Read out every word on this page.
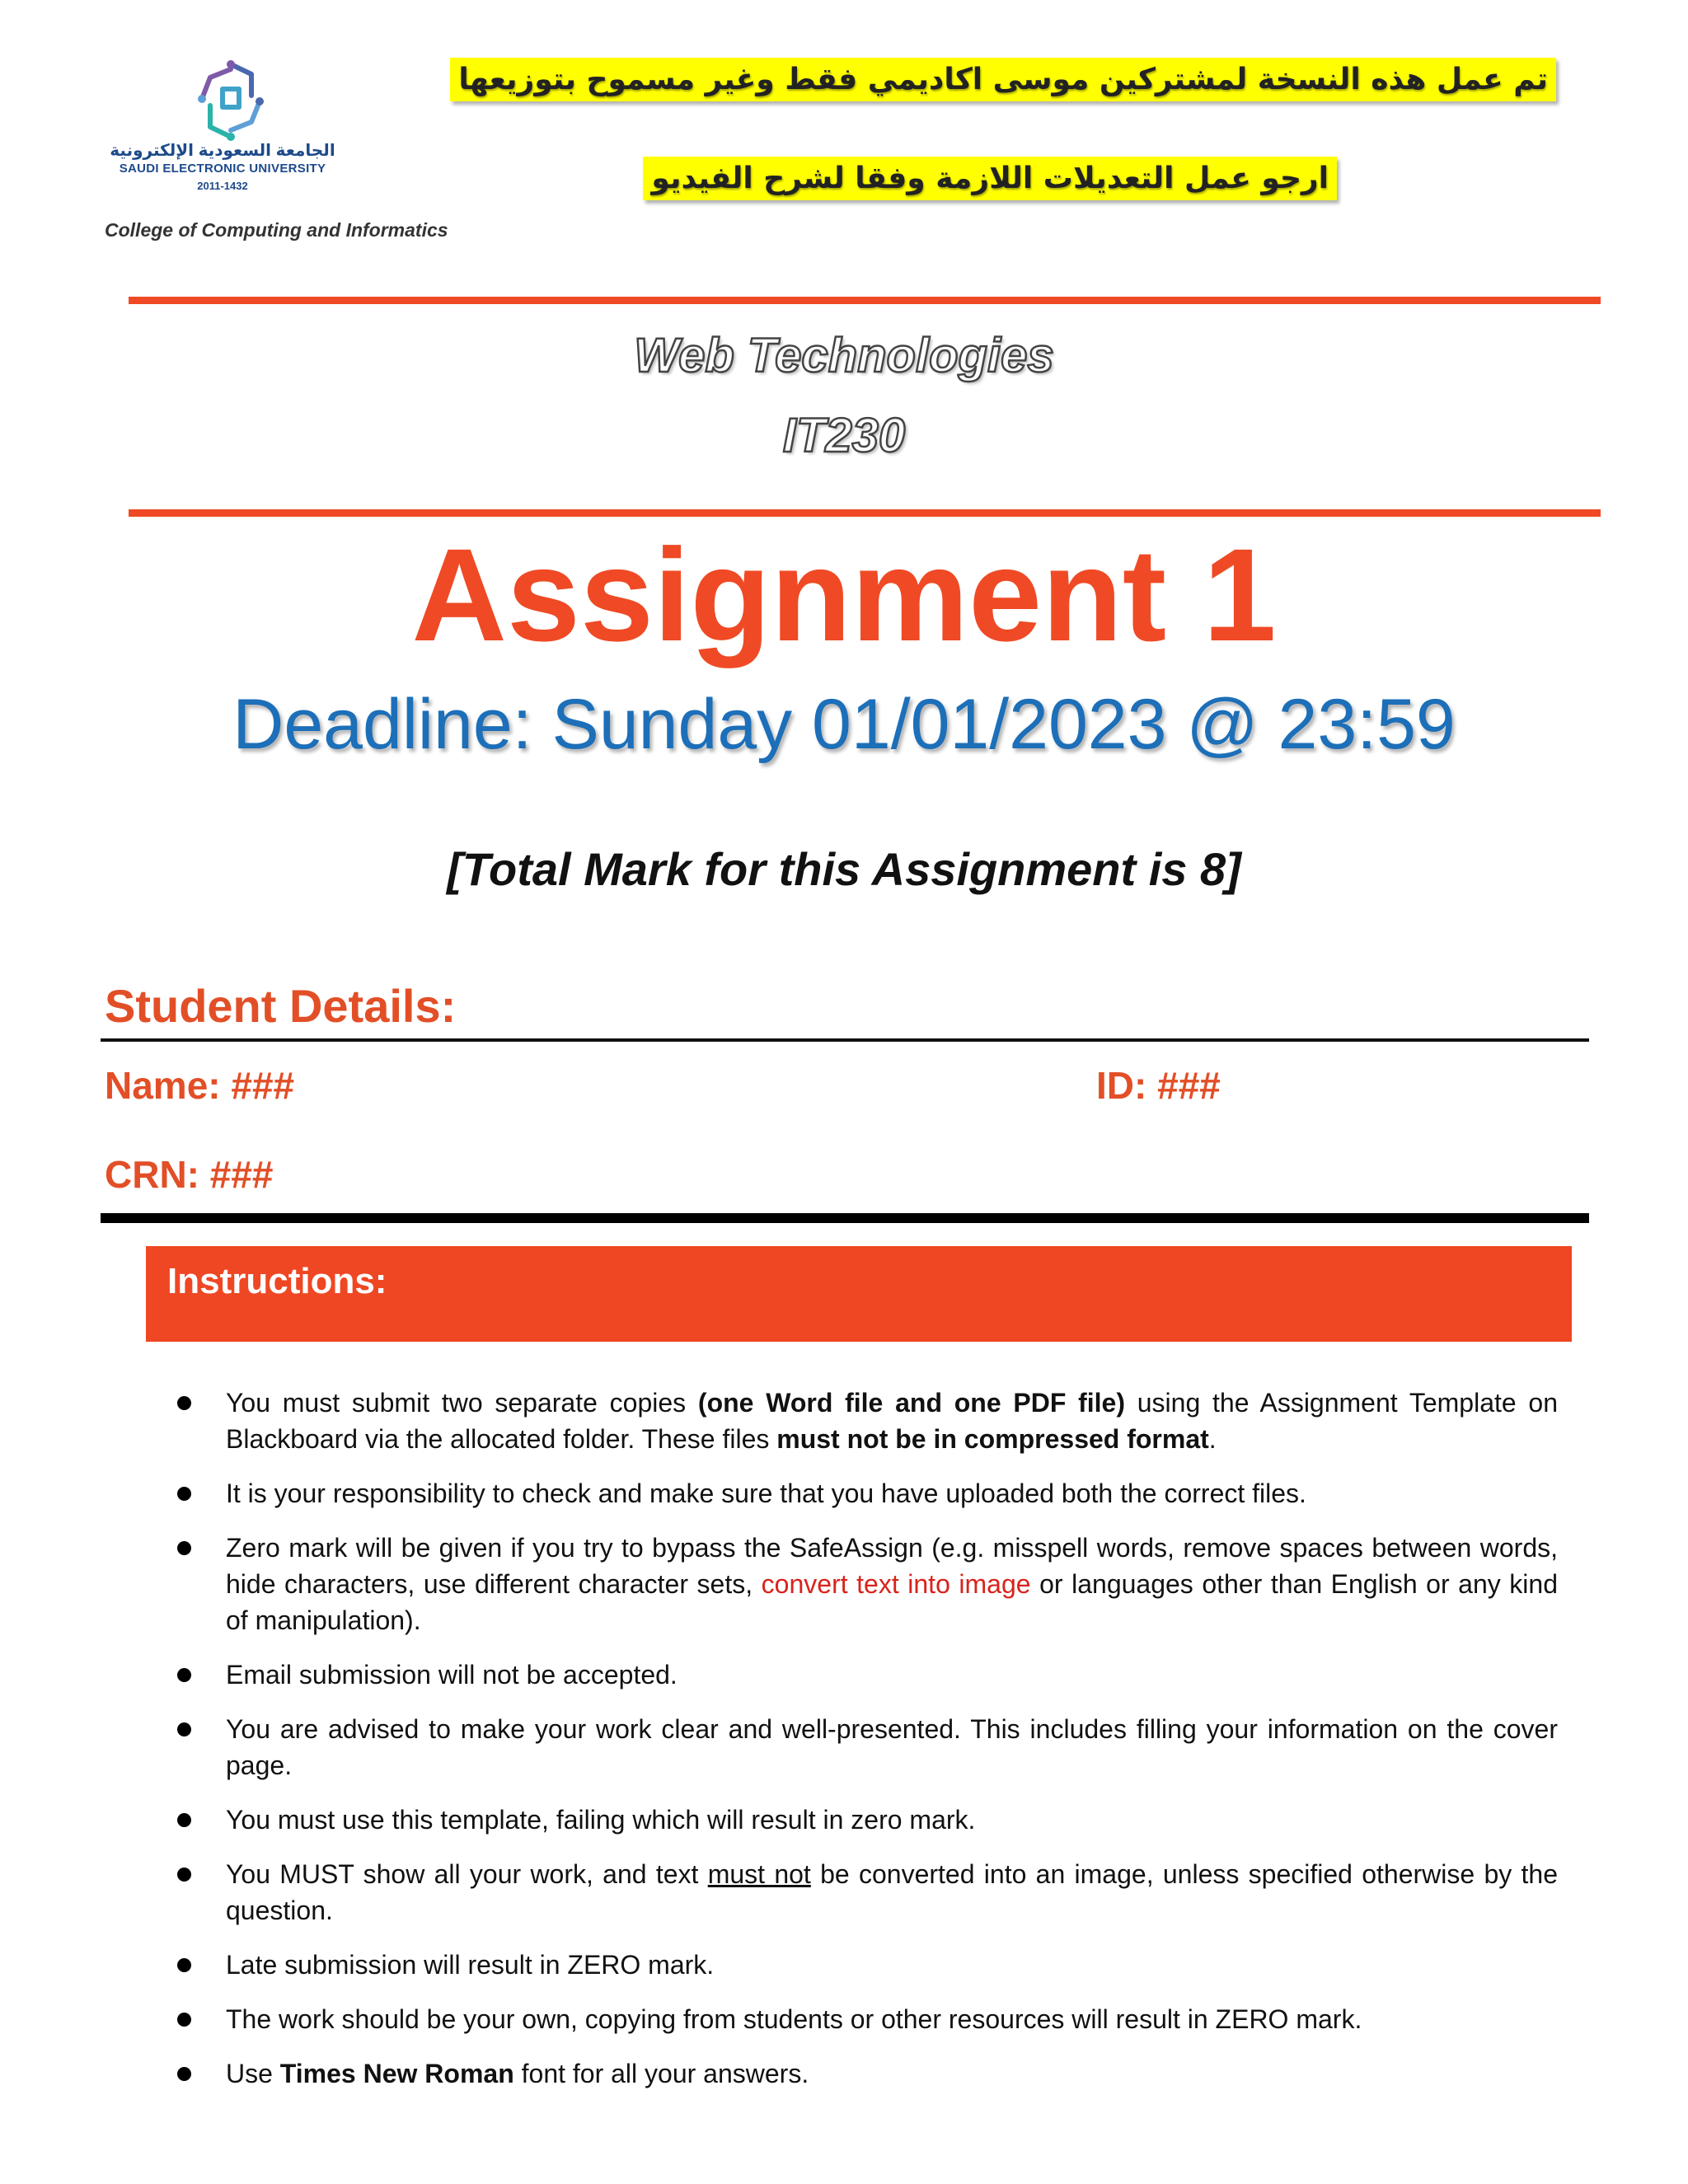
الجامعة السعودية الإلكترونية
SAUDI ELECTRONIC UNIVERSITY
2011-1432
College of Computing and Informatics
تم عمل هذه النسخة لمشتركين موسى اكاديمي فقط وغير مسموح بتوزيعها
ارجو عمل التعديلات اللازمة وفقا لشرح الفيديو
Web Technologies
IT230
Assignment 1
Deadline: Sunday 01/01/2023 @ 23:59
[Total Mark for this Assignment is 8]
Student Details:
Name: ###	ID: ###
CRN: ###
Instructions:
You must submit two separate copies (one Word file and one PDF file) using the Assignment Template on Blackboard via the allocated folder. These files must not be in compressed format.
It is your responsibility to check and make sure that you have uploaded both the correct files.
Zero mark will be given if you try to bypass the SafeAssign (e.g. misspell words, remove spaces between words, hide characters, use different character sets, convert text into image or languages other than English or any kind of manipulation).
Email submission will not be accepted.
You are advised to make your work clear and well-presented. This includes filling your information on the cover page.
You must use this template, failing which will result in zero mark.
You MUST show all your work, and text must not be converted into an image, unless specified otherwise by the question.
Late submission will result in ZERO mark.
The work should be your own, copying from students or other resources will result in ZERO mark.
Use Times New Roman font for all your answers.
